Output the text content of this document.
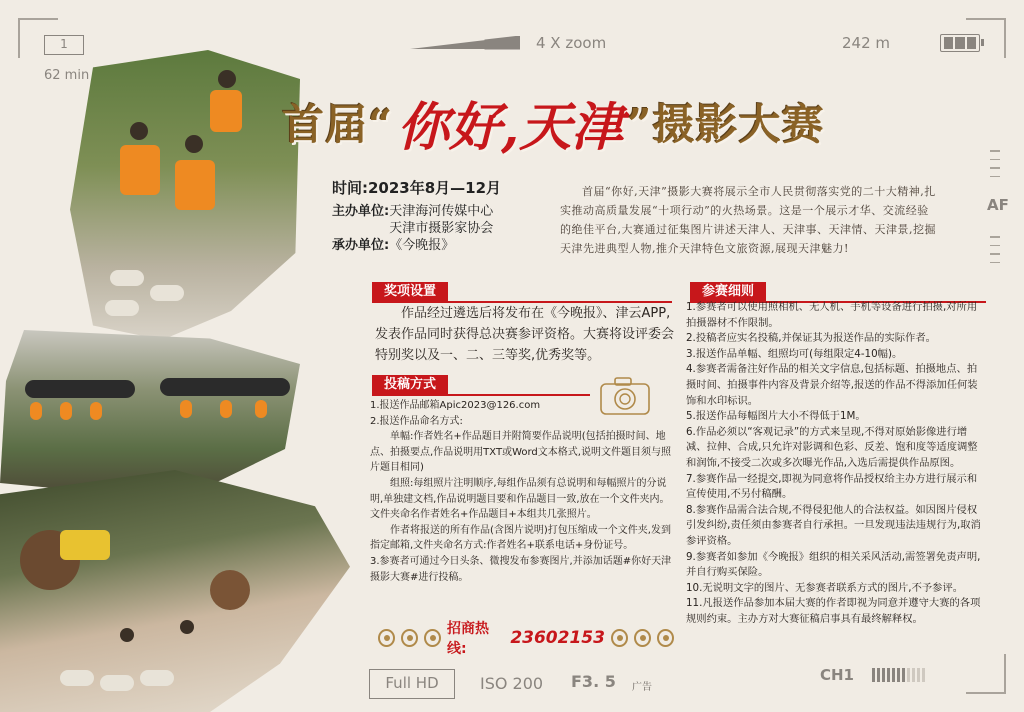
1
62 min
4 X zoom	242 m
AF
CH1
Full HD	ISO 200 F3. 5 广告
首届“ 你好,天津 ”摄影大赛
时间: 2023年8月—12月
主办单位: 天津海河传媒中心
天津市摄影家协会
承办单位: 《今晚报》
首届“你好,天津”摄影大赛将展示全市人民贯彻落实党的二十大精神,扎实推动高质量发展“十项行动”的火热场景。这是一个展示才华、交流经验的绝佳平台,大赛通过征集图片讲述天津人、天津事、天津情、天津景,挖掘天津先进典型人物,推介天津特色文旅资源,展现天津魅力!
奖项设置
作品经过遴选后将发布在《今晚报》、津云APP,发表作品同时获得总决赛参评资格。大赛将设评委会特别奖以及一、二、三等奖,优秀奖等。
投稿方式

1.报送作品邮箱Apic2023@126.com

2.报送作品命名方式:

单幅:作者姓名+作品题目并附简要作品说明(包括拍摄时间、地点、拍摄要点,作品说明用TXT或Word文本格式,说明文件题目须与照片题目相同)

组照:每组照片注明顺序,每组作品须有总说明和每幅照片的分说明,单独建文档,作品说明题目要和作品题目一致,放在一个文件夹内。文件夹命名作者姓名+作品题目+本组共几张照片。

作者将报送的所有作品(含图片说明)打包压缩成一个文件夹,发到指定邮箱,文件夹命名方式:作者姓名+联系电话+身份证号。

3.参赛者可通过今日头条、微搜发布参赛图片,并添加话题#你好天津摄影大赛#进行投稿。

招商热线:
23602153
参赛细则

1.参赛者可以使用照相机、无人机、手机等设备进行拍摄,对所用拍摄器材不作限制。

2.投稿者应实名投稿,并保证其为报送作品的实际作者。

3.报送作品单幅、组照均可(每组限定4-10幅)。

4.参赛者需备注好作品的相关文字信息,包括标题、拍摄地点、拍摄时间、拍摄事件内容及背景介绍等,报送的作品不得添加任何装饰和水印标识。

5.报送作品每幅图片大小不得低于1M。

6.作品必须以“客观记录”的方式来呈现,不得对原始影像进行增减、拉伸、合成,只允许对影调和色彩、反差、饱和度等适度调整和润饰,不接受二次或多次曝光作品,入选后需提供作品原图。

7.参赛作品一经提交,即视为同意将作品授权给主办方进行展示和宣传使用,不另付稿酬。

8.参赛作品需合法合规,不得侵犯他人的合法权益。如因图片侵权引发纠纷,责任须由参赛者自行承担。一旦发现违法违规行为,取消参评资格。

9.参赛者如参加《今晚报》组织的相关采风活动,需签署免责声明,并自行购买保险。

10.无说明文字的图片、无参赛者联系方式的图片,不予参评。

11.凡报送作品参加本届大赛的作者即视为同意并遵守大赛的各项规则约束。主办方对大赛征稿启事具有最终解释权。
